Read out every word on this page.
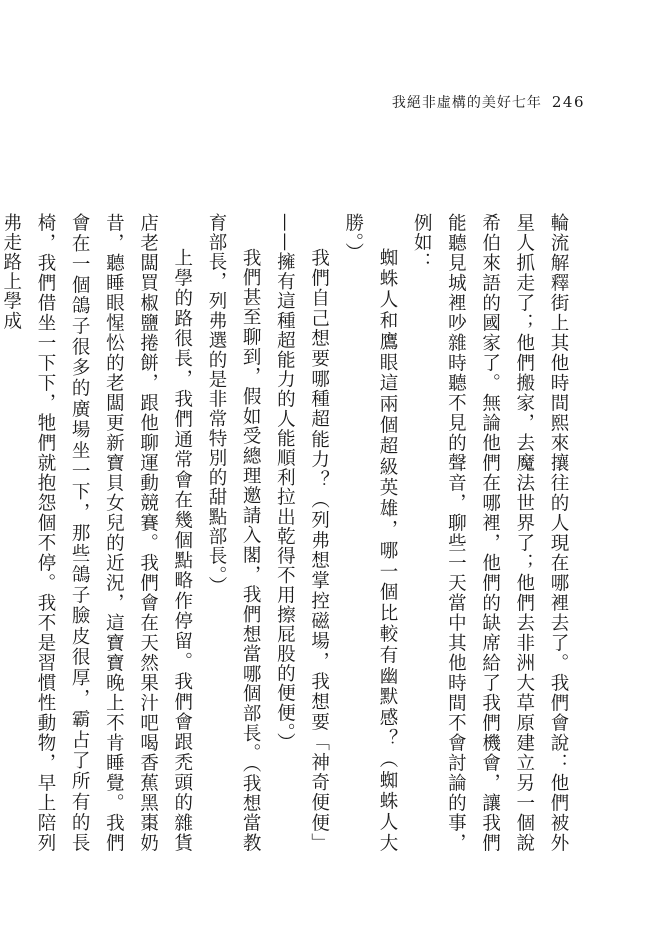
我絕非虛構的美好七年 246

輪流解釋街上其他時間熙來攘往的人現在哪裡去了。我們會說：他們被外星人抓走了；他們搬家，去魔法世界了；他們去非洲大草原建立另一個說希伯來語的國家了。無論他們在哪裡，他們的缺席給了我們機會，讓我們能聽見城裡吵雜時聽不見的聲音，聊些一天當中其他時間不會討論的事，例如：

蜘蛛人和鷹眼這兩個超級英雄，哪一個比較有幽默感？（蜘蛛人大勝。）

我們自己想要哪種超能力？（列弗想掌控磁場，我想要「神奇便便」——擁有這種超能力的人能順利拉出乾得不用擦屁股的便便。）

我們甚至聊到，假如受總理邀請入閣，我們想當哪個部長。（我想當教育部長，列弗選的是非常特別的甜點部長。）

上學的路很長，我們通常會在幾個點略作停留。我們會跟禿頭的雜貨店老闆買椒鹽捲餅，跟他聊運動競賽。我們會在天然果汁吧喝香蕉黑棗奶昔，聽睡眼惺忪的老闆更新寶貝女兒的近況，這寶寶晚上不肯睡覺。我們會在一個鴿子很多的廣場坐一下，那些鴿子臉皮很厚，霸占了所有的長椅，我們借坐一下下，牠們就抱怨個不停。我不是習慣性動物，早上陪列弗走路上學成
